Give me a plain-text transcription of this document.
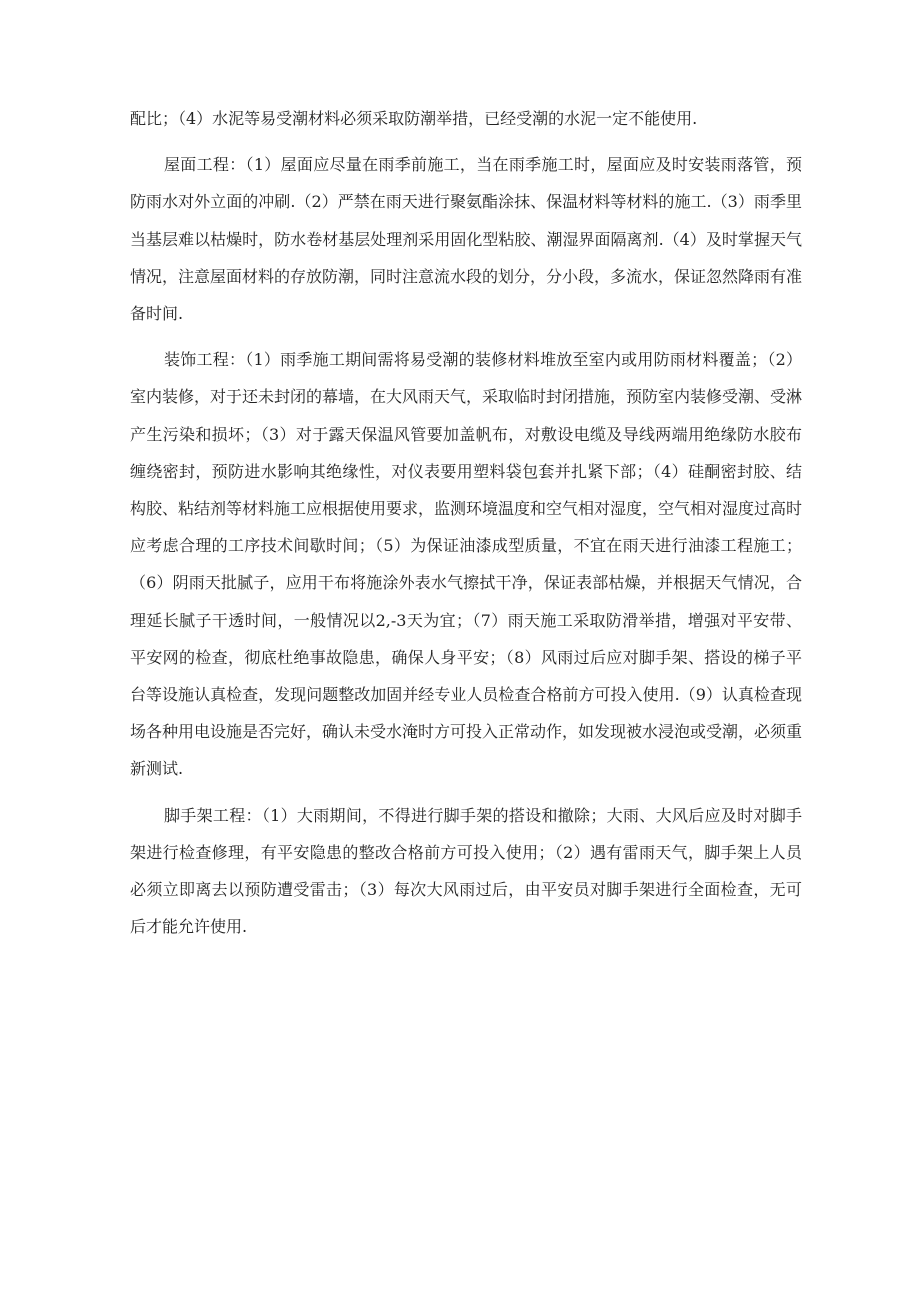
配比；（4）水泥等易受潮材料必须采取防潮举措，已经受潮的水泥一定不能使用.

屋面工程：（1）屋面应尽量在雨季前施工，当在雨季施工时，屋面应及时安装雨落管，预防雨水对外立面的冲刷.（2）严禁在雨天进行聚氨酯涂抹、保温材料等材料的施工.（3）雨季里当基层难以枯燥时，防水卷材基层处理剂采用固化型粘胶、潮湿界面隔离剂.（4）及时掌握天气情况，注意屋面材料的存放防潮，同时注意流水段的划分，分小段，多流水，保证忽然降雨有准备时间.

装饰工程：（1）雨季施工期间需将易受潮的装修材料堆放至室内或用防雨材料覆盖；（2）室内装修，对于还未封闭的幕墙，在大风雨天气，采取临时封闭措施，预防室内装修受潮、受淋产生污染和损坏；（3）对于露天保温风管要加盖帆布，对敷设电缆及导线两端用绝缘防水胶布缠绕密封，预防进水影响其绝缘性，对仪表要用塑料袋包套并扎紧下部；（4）硅酮密封胶、结构胶、粘结剂等材料施工应根据使用要求，监测环境温度和空气相对湿度，空气相对湿度过高时应考虑合理的工序技术间歇时间；（5）为保证油漆成型质量，不宜在雨天进行油漆工程施工；（6）阴雨天批腻子，应用干布将施涂外表水气擦拭干净，保证表部枯燥，并根据天气情况，合理延长腻子干透时间，一般情况以2,-3天为宜；（7）雨天施工采取防滑举措，增强对平安带、平安网的检查，彻底杜绝事故隐患，确保人身平安；（8）风雨过后应对脚手架、搭设的梯子平台等设施认真检查，发现问题整改加固并经专业人员检查合格前方可投入使用.（9）认真检查现场各种用电设施是否完好，确认未受水淹时方可投入正常动作，如发现被水浸泡或受潮，必须重新测试.

脚手架工程：（1）大雨期间，不得进行脚手架的搭设和撤除；大雨、大风后应及时对脚手架进行检查修理，有平安隐患的整改合格前方可投入使用；（2）遇有雷雨天气，脚手架上人员必须立即离去以预防遭受雷击；（3）每次大风雨过后，由平安员对脚手架进行全面检查，无可后才能允许使用.
